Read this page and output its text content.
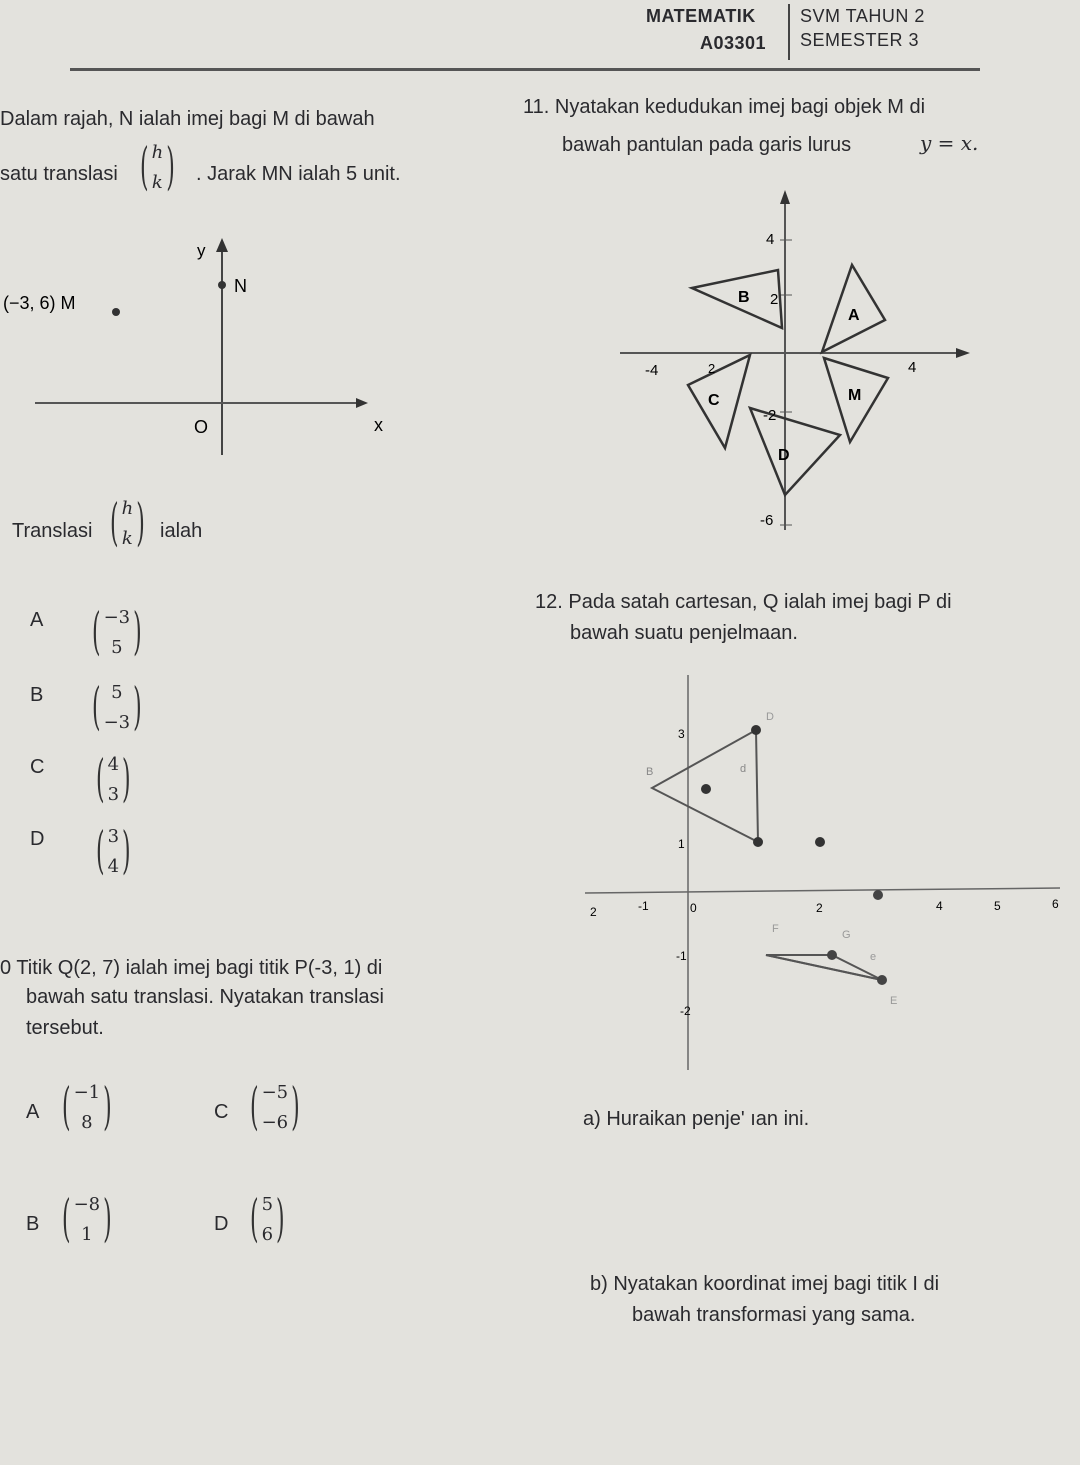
MATEMATIK
A03301
SVM TAHUN 2
SEMESTER 3
Dalam rajah, N ialah imej bagi M di bawah
satu translasi ( h
k ) . Jarak MN ialah 5 unit.
y
(−3, 6) M
N
O	x
Translasi ( h
k ) ialah
A ( −3
5 )
B ( 5
−3 )
C ( 4
3 )
D ( 3
4 )
0 Titik Q(2, 7) ialah imej bagi titik P(-3, 1) di
bawah satu translasi. Nyatakan translasi
tersebut.
A ( −1
8 )	C ( −5
−6 )
B ( −8
1 )	D ( 5
6 )
11. Nyatakan kedudukan imej bagi objek M di
bawah pantulan pada garis lurus	y = x.
4
-6
-4	4
B 2
A
M
C
D
-2
2
12. Pada satah cartesan, Q ialah imej bagi P di
bawah suatu penjelmaan.
3
1
-1
-2
2	-1	0	2	4	5	6
B	d
D
F	G
e
E
a) Huraikan penje' ıan ini.
b) Nyatakan koordinat imej bagi titik I di
bawah transformasi yang sama.
